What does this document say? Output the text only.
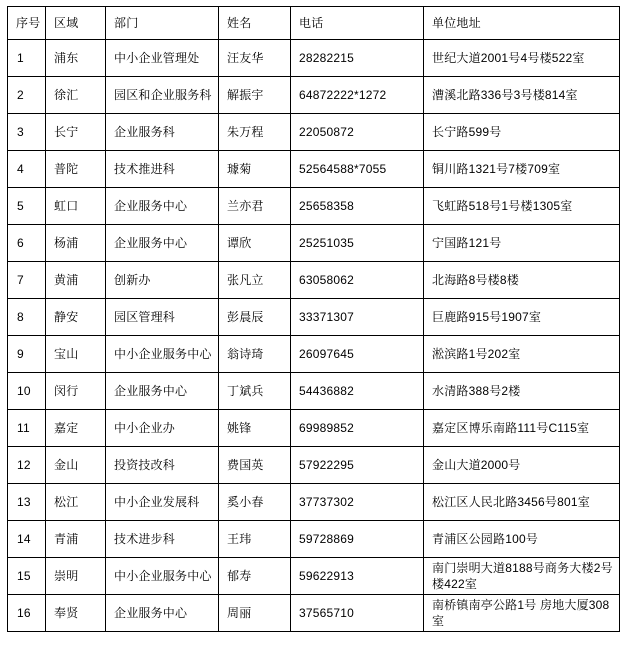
序号	区域	部门	姓名	电话	单位地址
1	浦东	中小企业管理处	汪友华	28282215	世纪大道2001号4号楼522室
2	徐汇	园区和企业服务科	解振宇	64872222*1272	漕溪北路336号3号楼814室
3	长宁	企业服务科	朱万程	22050872	长宁路599号
4	普陀	技术推进科	璩菊	52564588*7055	铜川路1321号7楼709室
5	虹口	企业服务中心	兰亦君	25658358	飞虹路518号1号楼1305室
6	杨浦	企业服务中心	谭欣	25251035	宁国路121号
7	黄浦	创新办	张凡立	63058062	北海路8号楼8楼
8	静安	园区管理科	彭晨辰	33371307	巨鹿路915号1907室
9	宝山	中小企业服务中心	翁诗琦	26097645	淞滨路1号202室
10	闵行	企业服务中心	丁斌兵	54436882	水清路388号2楼
11	嘉定	中小企业办	姚锋	69989852	嘉定区博乐南路111号C115室
12	金山	投资技改科	费国英	57922295	金山大道2000号
13	松江	中小企业发展科	奚小春	37737302	松江区人民北路3456号801室
14	青浦	技术进步科	王玮	59728869	青浦区公园路100号
15	崇明	中小企业服务中心	郁寿	59622913	南门崇明大道8188号商务大楼2号楼422室
16	奉贤	企业服务中心	周丽	37565710	南桥镇南亭公路1号 房地大厦308室
